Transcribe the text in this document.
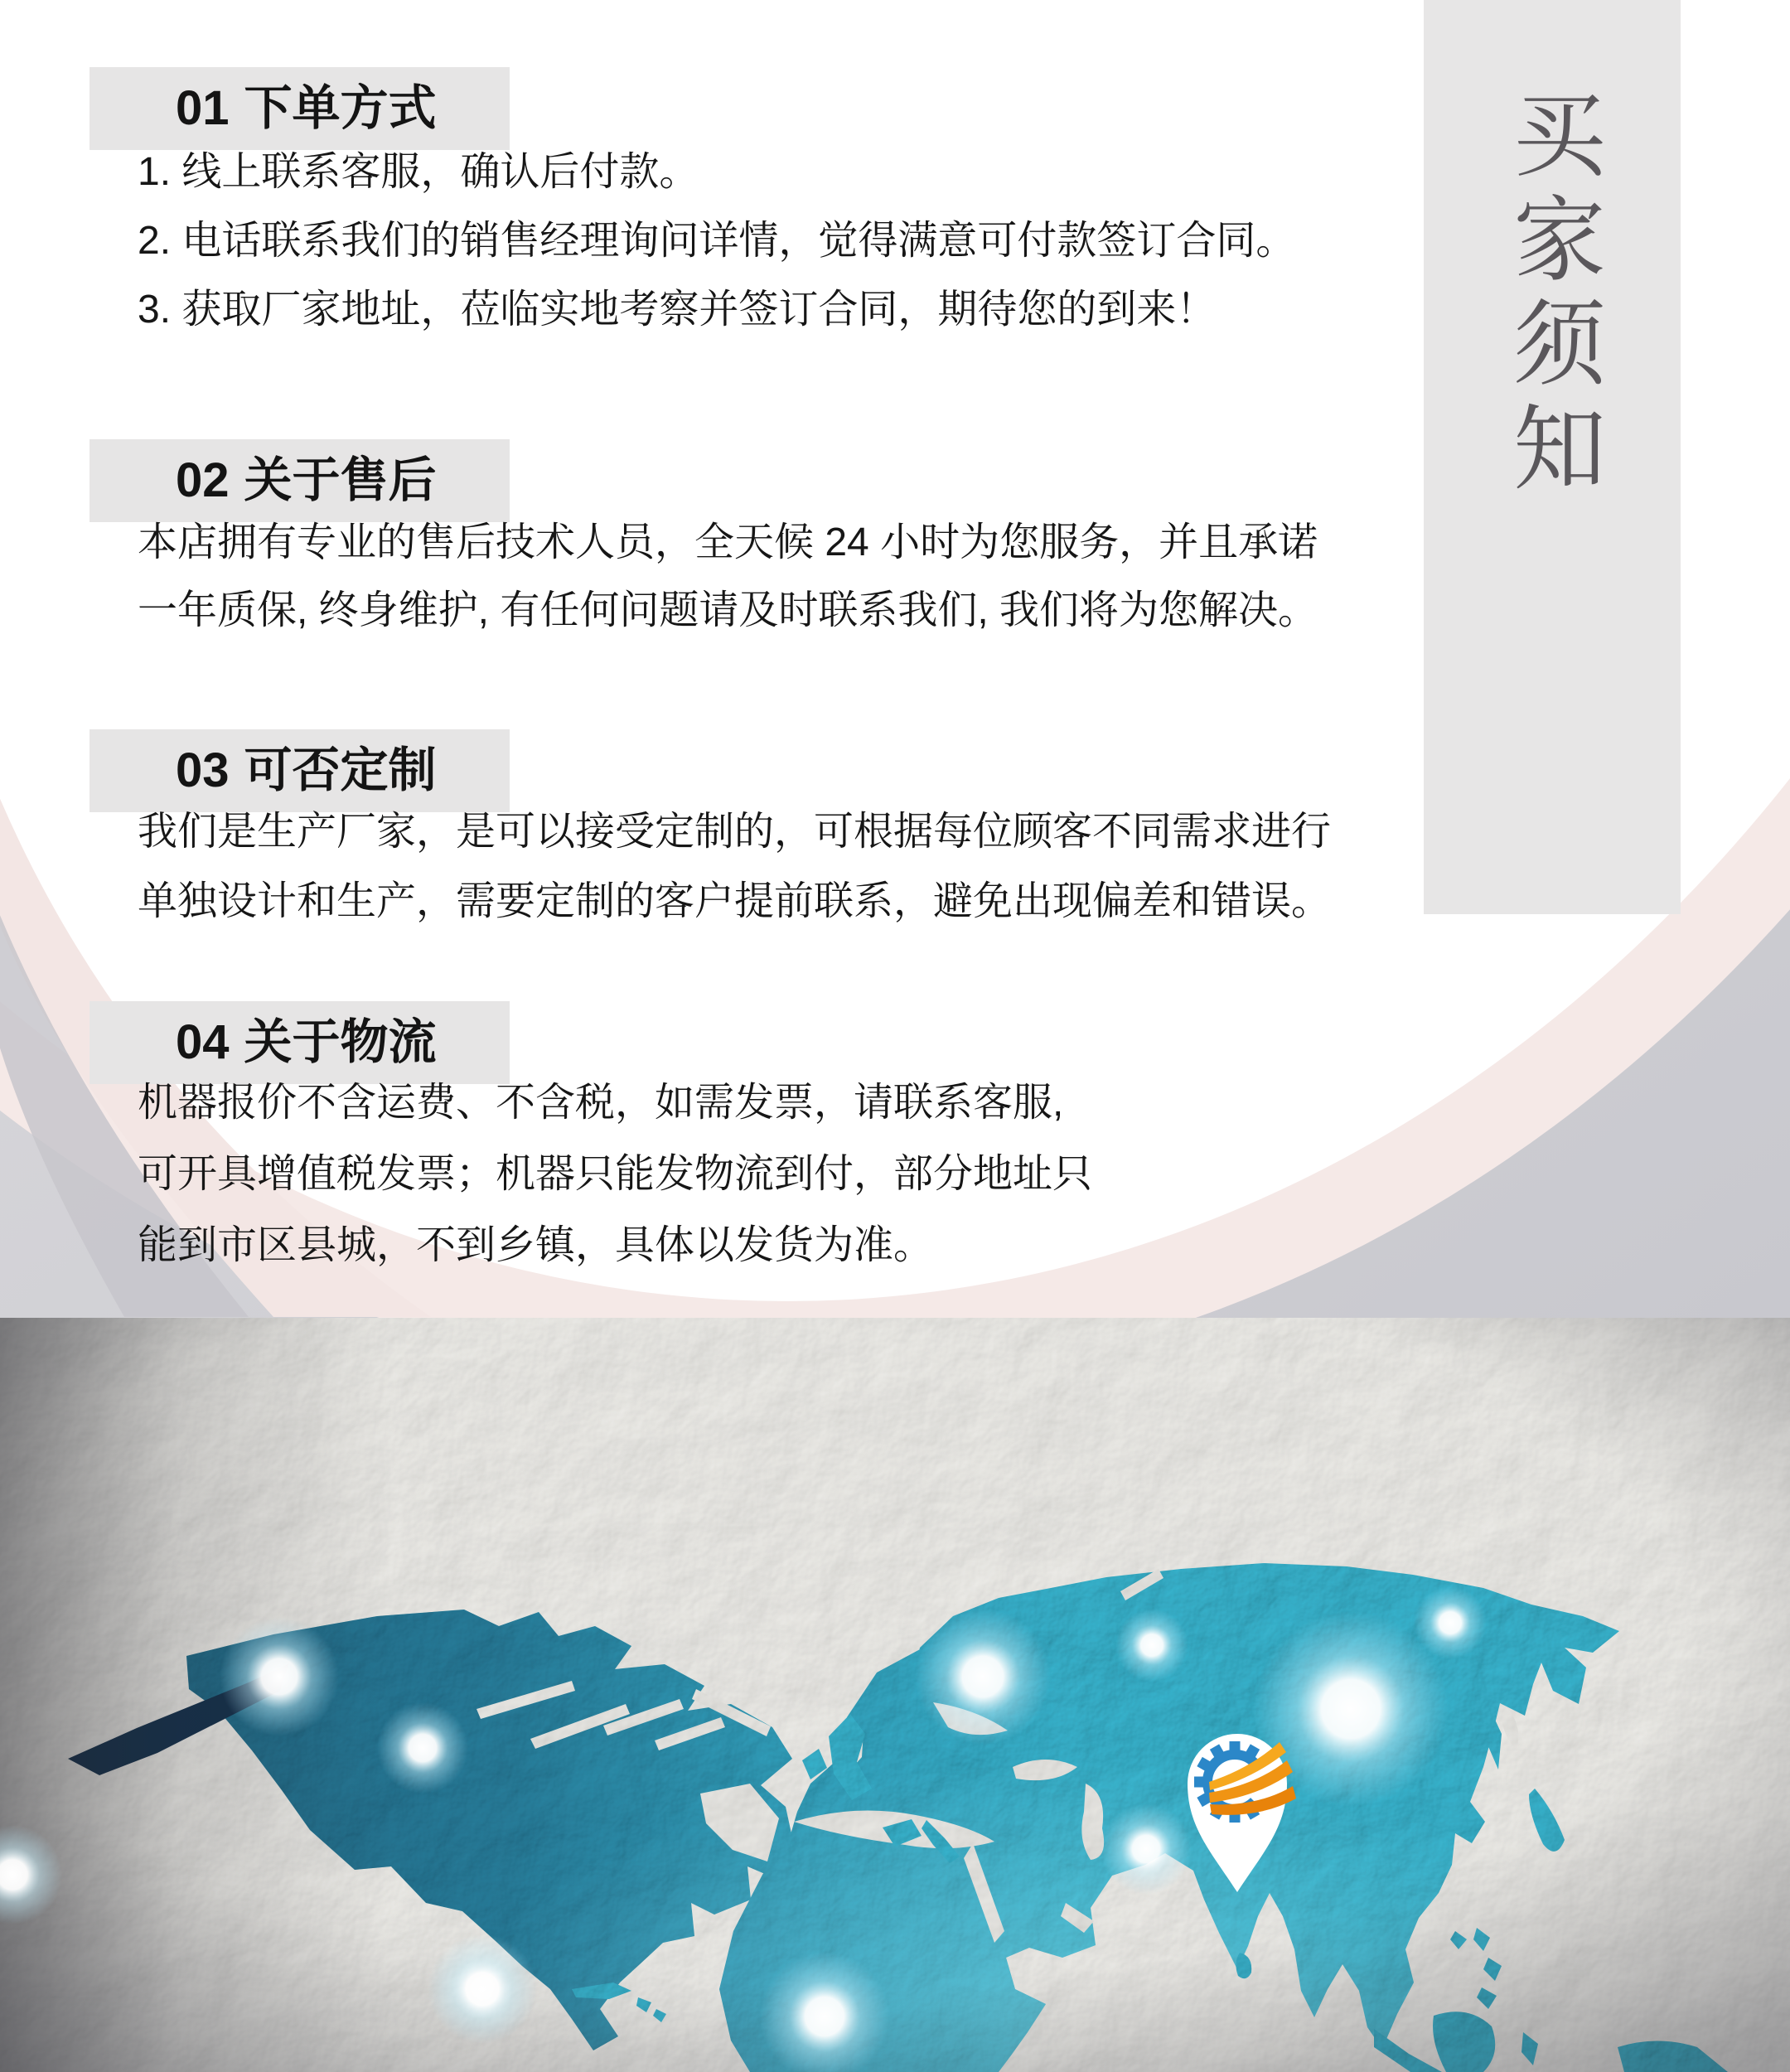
买家须知
01 下单方式

1. 线上联系客服，确认后付款。

2. 电话联系我们的销售经理询问详情，觉得满意可付款签订合同。

3. 获取厂家地址，莅临实地考察并签订合同，期待您的到来！

02 关于售后

本店拥有专业的售后技术人员，全天候 24 小时为您服务，并且承诺

一年质保, 终身维护, 有任何问题请及时联系我们, 我们将为您解决。

03 可否定制

我们是生产厂家，是可以接受定制的，可根据每位顾客不同需求进行

单独设计和生产，需要定制的客户提前联系，避免出现偏差和错误。

04 关于物流

机器报价不含运费、不含税，如需发票，请联系客服,

可开具增值税发票；机器只能发物流到付，部分地址只

能到市区县城，不到乡镇，具体以发货为准。
